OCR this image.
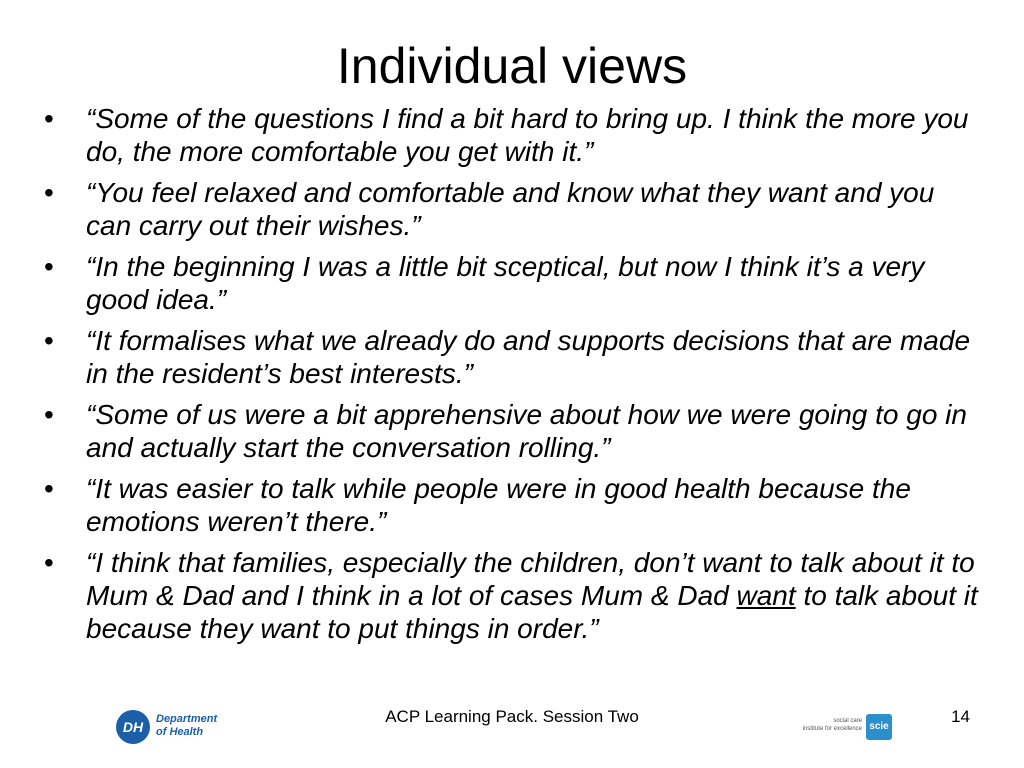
Individual views
• “Some of the questions I find a bit hard to bring up. I think the more you do, the more comfortable you get with it.”
• “You feel relaxed and comfortable and know what they want and you can carry out their wishes.”
• “In the beginning I was a little bit sceptical, but now I think it’s a very good idea.”
• “It formalises what we already do and supports decisions that are made in the resident’s best interests.”
• “Some of us were a bit apprehensive about how we were going to go in and actually start the conversation rolling.”
• “It was easier to talk while people were in good health because the emotions weren’t there.”
• “I think that families, especially the children, don’t want to talk about it to Mum & Dad and I think in a lot of cases Mum & Dad want to talk about it because they want to put things in order.”
DH	Department
of Health
ACP Learning Pack. Session Two	social care
institute for excellence scie
14
